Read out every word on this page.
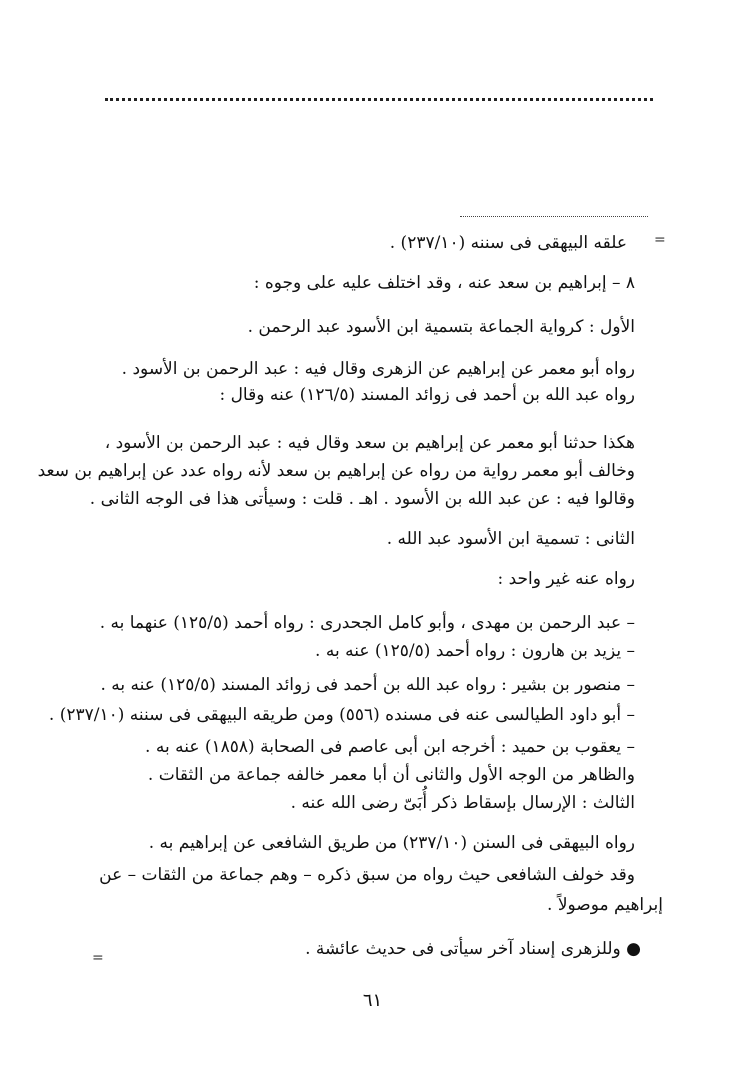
=
=
علقه البيهقى فى سننه (٢٣٧/١٠) .
٨ – إبراهيم بن سعد عنه ، وقد اختلف عليه على وجوه :
الأول : كرواية الجماعة بتسمية ابن الأسود عبد الرحمن .
رواه أبو معمر عن إبراهيم عن الزهرى وقال فيه : عبد الرحمن بن الأسود .
رواه عبد الله بن أحمد فى زوائد المسند (١٢٦/٥) عنه وقال :
هكذا حدثنا أبو معمر عن إبراهيم بن سعد وقال فيه : عبد الرحمن بن الأسود ،
وخالف أبو معمر رواية من رواه عن إبراهيم بن سعد لأنه رواه عدد عن إبراهيم بن سعد
وقالوا فيه : عن عبد الله بن الأسود . اهـ . قلت : وسيأتى هذا فى الوجه الثانى .
الثانى : تسمية ابن الأسود عبد الله .
رواه عنه غير واحد :
– عبد الرحمن بن مهدى ، وأبو كامل الجحدرى : رواه أحمد (١٢٥/٥) عنهما به .
– يزيد بن هارون : رواه أحمد (١٢٥/٥) عنه به .
– منصور بن بشير : رواه عبد الله بن أحمد فى زوائد المسند (١٢٥/٥) عنه به .
– أبو داود الطيالسى عنه فى مسنده (٥٥٦) ومن طريقه البيهقى فى سننه (٢٣٧/١٠) .
– يعقوب بن حميد : أخرجه ابن أبى عاصم فى الصحابة (١٨٥٨) عنه به .
والظاهر من الوجه الأول والثانى أن أبا معمر خالفه جماعة من الثقات .
الثالث : الإرسال بإسقاط ذكر أُبَىّ رضى الله عنه .
رواه البيهقى فى السنن (٢٣٧/١٠) من طريق الشافعى عن إبراهيم به .
وقد خولف الشافعى حيث رواه من سبق ذكره – وهم جماعة من الثقات – عن
إبراهيم موصولاً .
● وللزهرى إسناد آخر سيأتى فى حديث عائشة .
٦١
